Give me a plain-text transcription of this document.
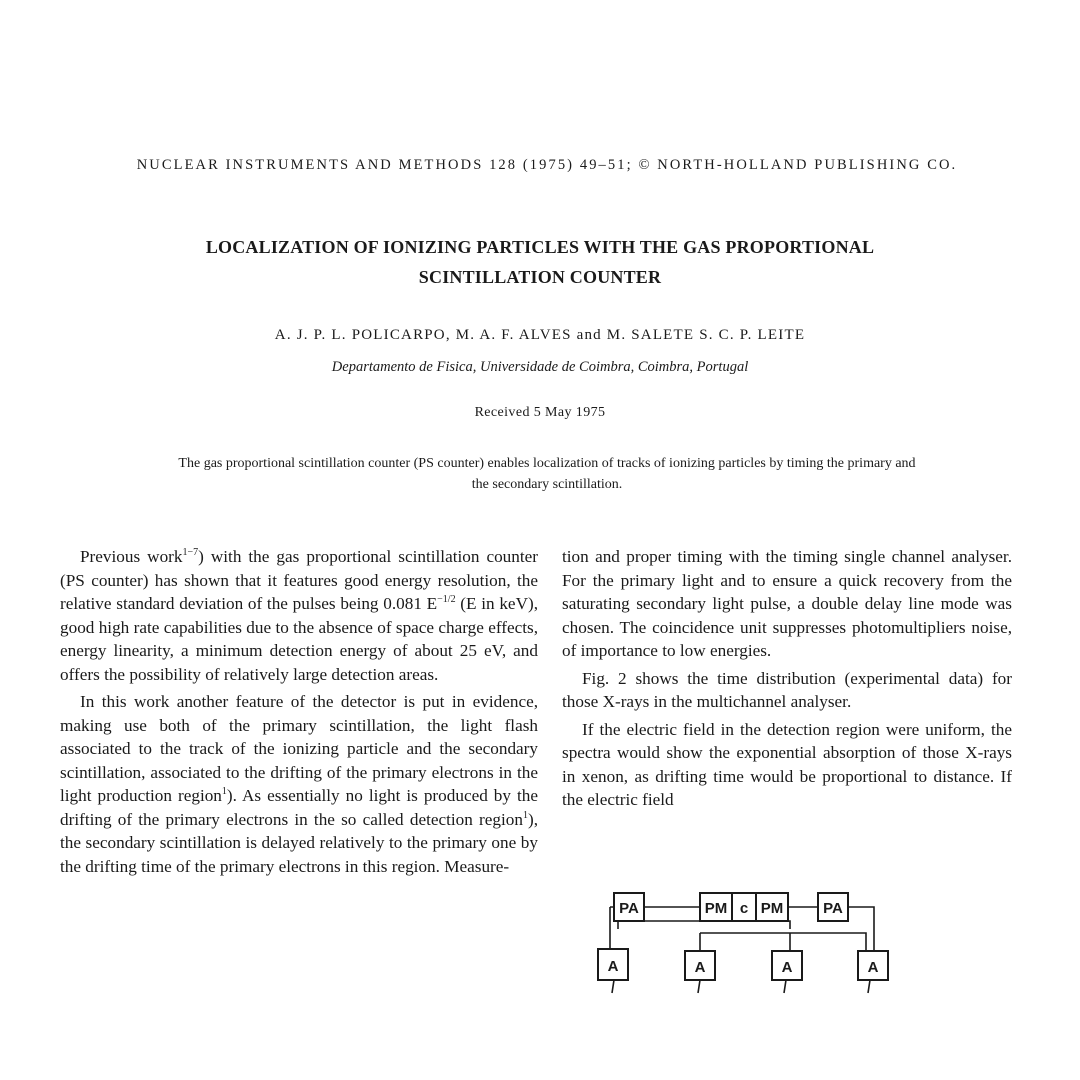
NUCLEAR INSTRUMENTS AND METHODS 128 (1975) 49–51; © NORTH-HOLLAND PUBLISHING CO.
LOCALIZATION OF IONIZING PARTICLES WITH THE GAS PROPORTIONAL
SCINTILLATION COUNTER
A. J. P. L. POLICARPO, M. A. F. ALVES and M. SALETE S. C. P. LEITE
Departamento de Fisica, Universidade de Coimbra, Coimbra, Portugal
Received 5 May 1975
The gas proportional scintillation counter (PS counter) enables localization of tracks of ionizing particles by timing the primary and
the secondary scintillation.

Previous work$^{1-7}$) with the gas proportional scintillation counter (PS counter) has shown that it features good energy resolution, the relative standard deviation of the pulses being 0.081 $E^{-1/2}$ (E in keV), good high rate capabilities due to the absence of space charge effects, energy linearity, a minimum detection energy of about 25 eV, and offers the possibility of relatively large detection areas.

In this work another feature of the detector is put in evidence, making use both of the primary scintillation, the light flash associated to the track of the ionizing particle and the secondary scintillation, associated to the drifting of the primary electrons in the light production region$^1$). As essentially no light is produced by the drifting of the primary electrons in the so called detection region$^1$), the secondary scintillation is delayed relatively to the primary one by the drifting time of the primary electrons in this region. Measure-

tion and proper timing with the timing single channel analyser. For the primary light and to ensure a quick recovery from the saturating secondary light pulse, a double delay line mode was chosen. The coincidence unit suppresses photomultipliers noise, of importance to low energies.

Fig. 2 shows the time distribution (experimental data) for those X-rays in the multichannel analyser.

If the electric field in the detection region were uniform, the spectra would show the exponential absorption of those X-rays in xenon, as drifting time would be proportional to distance. If the electric field

PA	PM c PM	PA
A	A	A	A
